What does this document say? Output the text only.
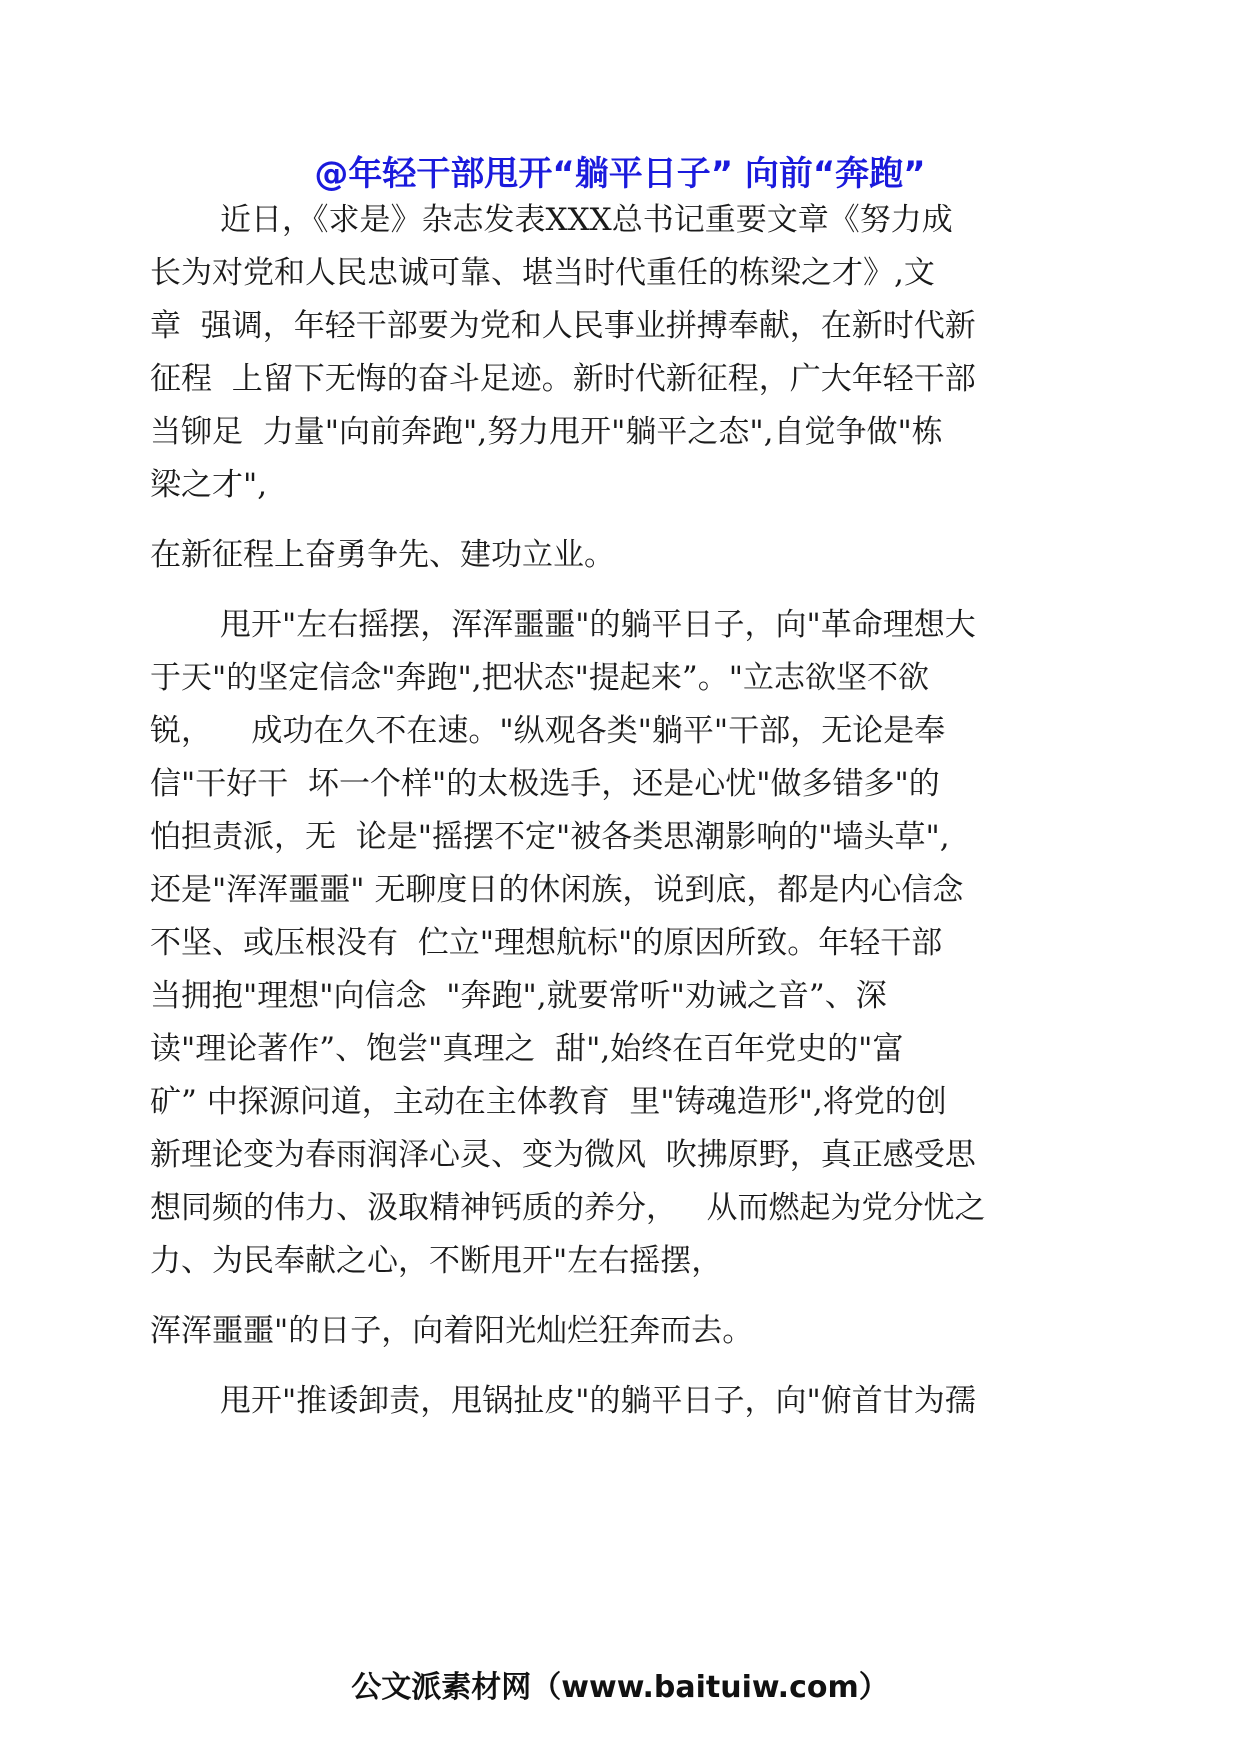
@年轻干部甩开“躺平日子” 向前“奔跑”
近日，《求是》杂志发表XXX总书记重要文章《努力成
长为对党和人民忠诚可靠、堪当时代重任的栋梁之才》,文
章  强调，年轻干部要为党和人民事业拼搏奉献，在新时代新
征程  上留下无悔的奋斗足迹。新时代新征程，广大年轻干部
当铆足  力量"向前奔跑",努力甩开"躺平之态",自觉争做"栋
梁之才",
在新征程上奋勇争先、建功立业。
甩开"左右摇摆，浑浑噩噩"的躺平日子，向"革命理想大
于天"的坚定信念"奔跑",把状态"提起来”。"立志欲坚不欲
锐，    成功在久不在速。"纵观各类"躺平"干部，无论是奉
信"干好干  坏一个样"的太极选手，还是心忧"做多错多"的
怕担责派，无  论是"摇摆不定"被各类思潮影响的"墙头草",
还是"浑浑噩噩" 无聊度日的休闲族，说到底，都是内心信念
不坚、或压根没有  伫立"理想航标"的原因所致。年轻干部
当拥抱"理想"向信念  "奔跑",就要常听"劝诫之音”、深
读"理论著作”、饱尝"真理之  甜",始终在百年党史的"富
矿” 中探源问道，主动在主体教育  里"铸魂造形",将党的创
新理论变为春雨润泽心灵、变为微风  吹拂原野，真正感受思
想同频的伟力、汲取精神钙质的养分，   从而燃起为党分忧之
力、为民奉献之心，不断甩开"左右摇摆，
浑浑噩噩"的日子，向着阳光灿烂狂奔而去。
甩开"推诿卸责，甩锅扯皮"的躺平日子，向"俯首甘为孺
公文派素材网（www.baituiw.com）
